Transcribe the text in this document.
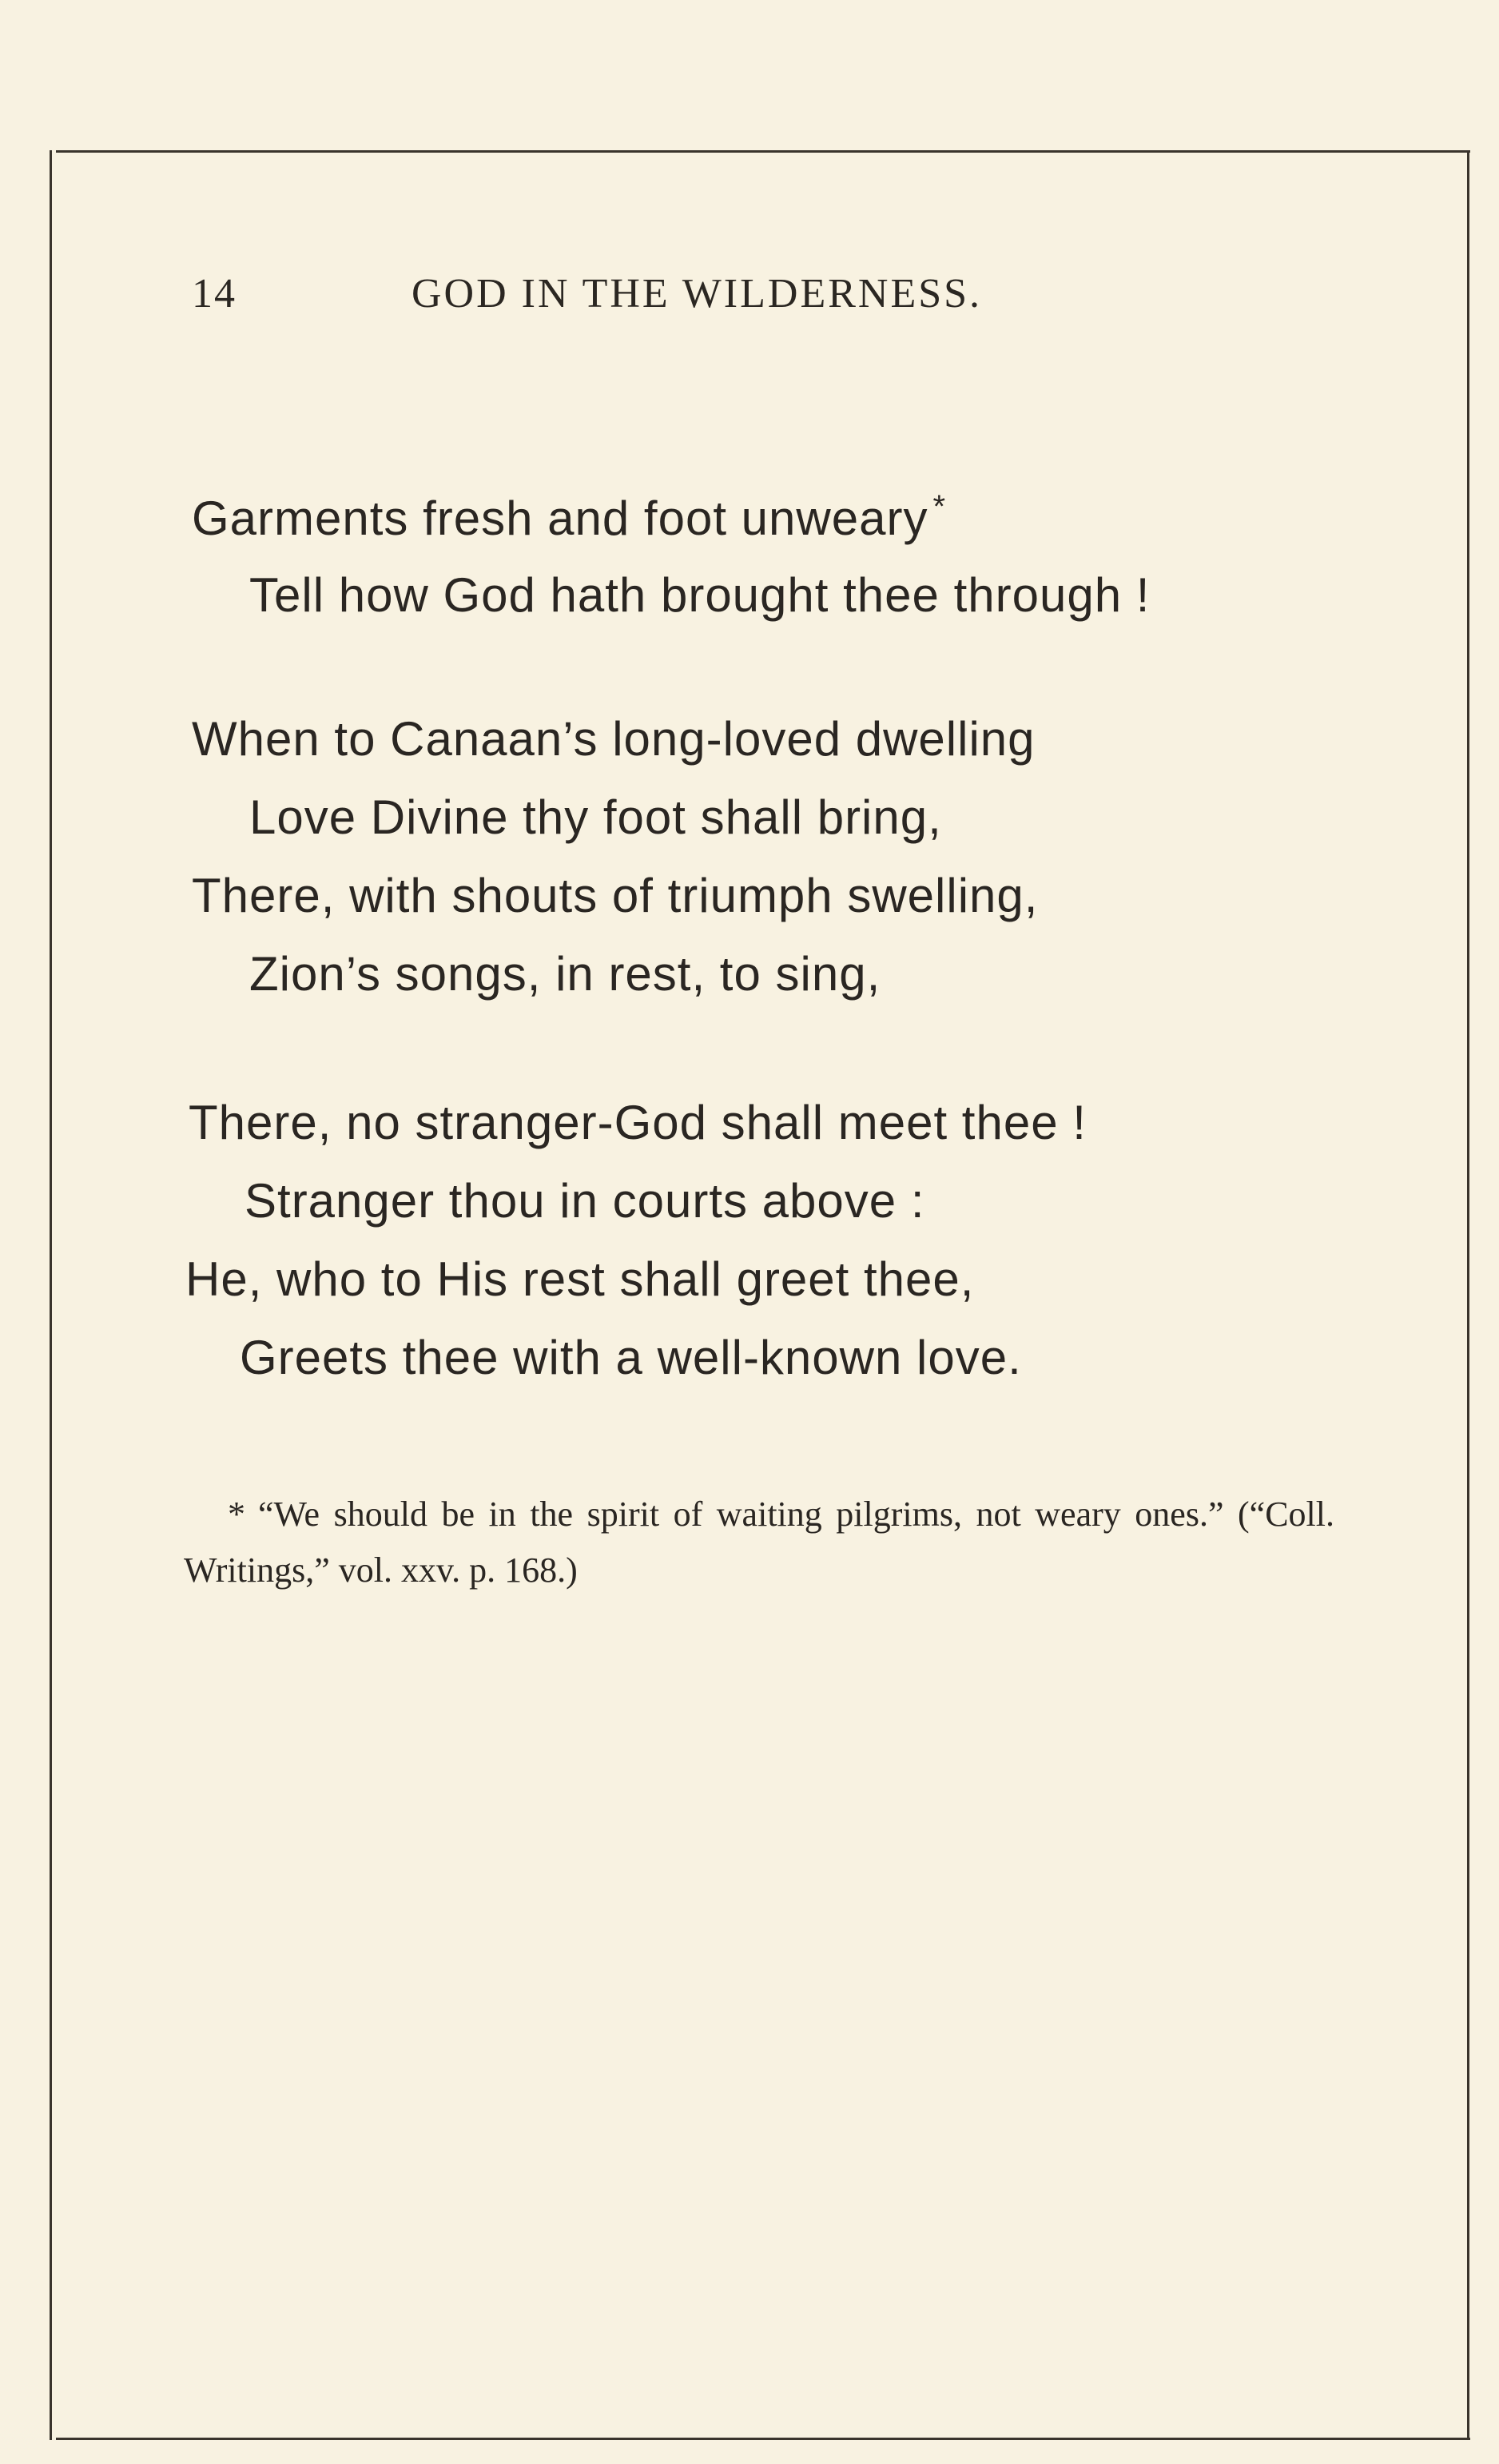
14	GOD IN THE WILDERNESS.
Garments fresh and foot unweary *
Tell how God hath brought thee through !
When to Canaan’s long-loved dwelling
Love Divine thy foot shall bring,
There, with shouts of triumph swelling,
Zion’s songs, in rest, to sing,
There, no stranger-God shall meet thee !
Stranger thou in courts above :
He, who to His rest shall greet thee,
Greets thee with a well-known love.
* “We should be in the spirit of waiting pilgrims, not weary ones.” (“Coll. Writings,” vol. xxv. p. 168.)
